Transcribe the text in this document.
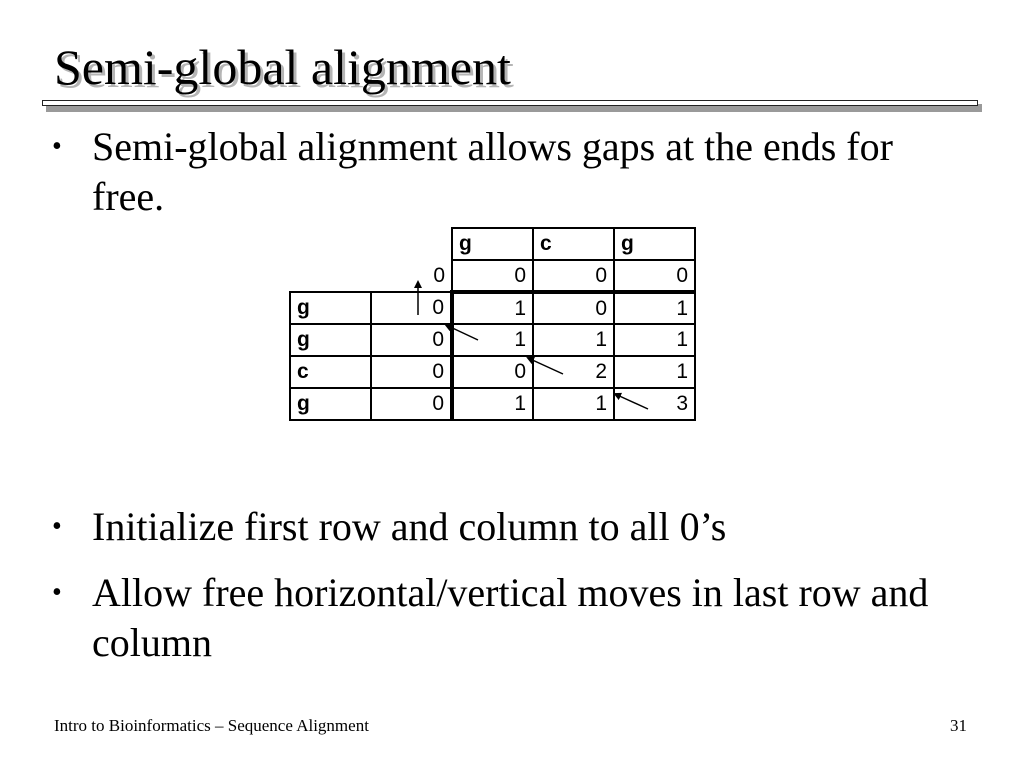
Semi-global alignment
• Semi-global alignment allows gaps at the ends for free.
		g	c	g
	0	0	0	0
g	0	1	0	1
g	0	1	1	1
c	0	0	2	1
g	0	1	1	3
• Initialize first row and column to all 0’s
• Allow free horizontal/vertical moves in last row and column
Intro to Bioinformatics – Sequence Alignment	31
